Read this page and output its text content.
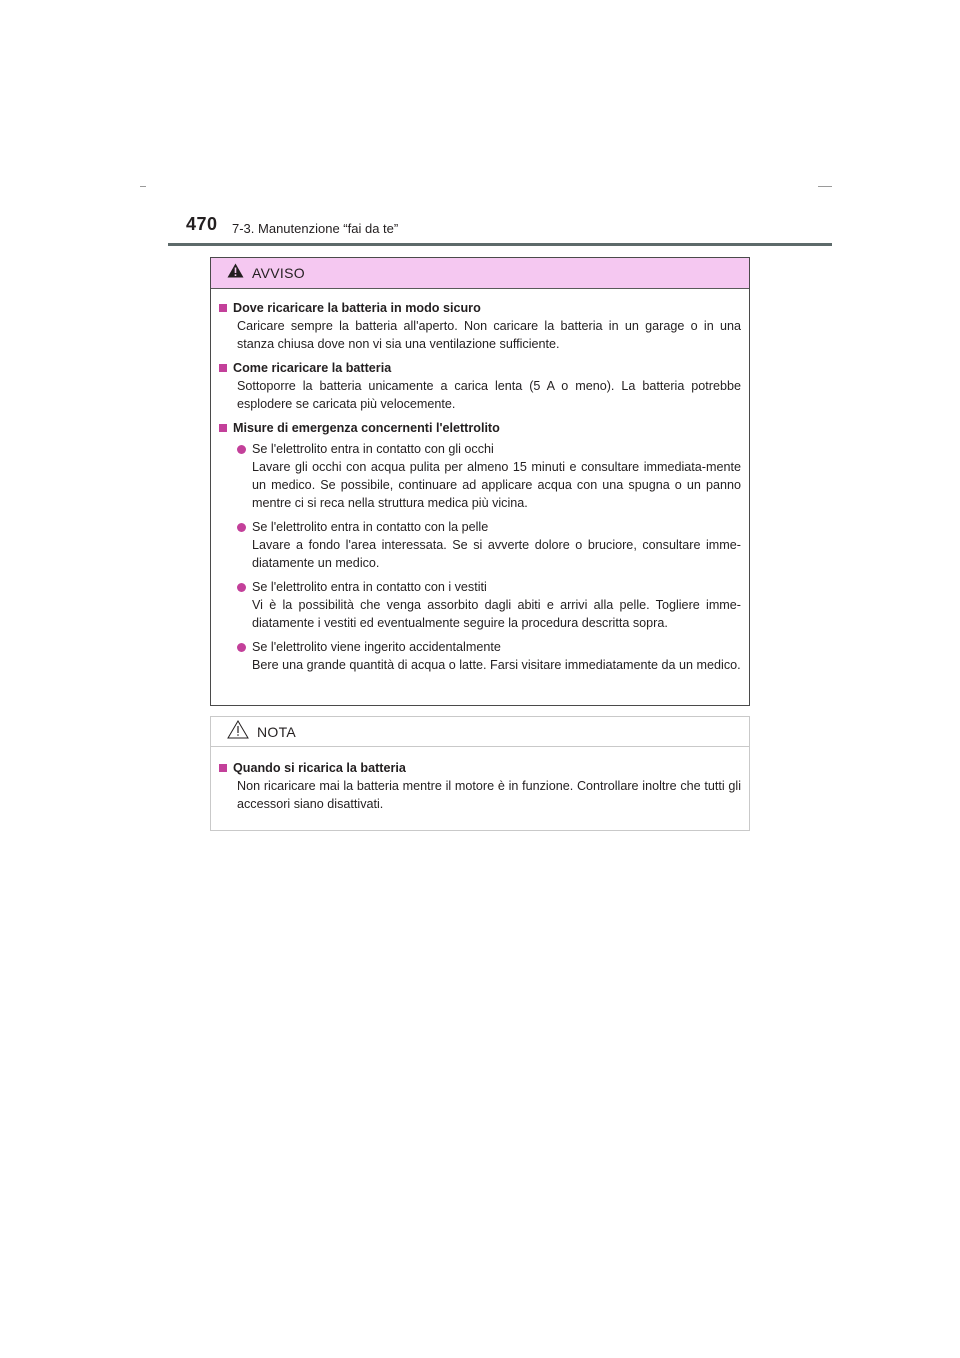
470 7-3. Manutenzione “fai da te”
AVVISO
Dove ricaricare la batteria in modo sicuro
Caricare sempre la batteria all'aperto. Non caricare la batteria in un garage o in una stanza chiusa dove non vi sia una ventilazione sufficiente.
Come ricaricare la batteria
Sottoporre la batteria unicamente a carica lenta (5 A o meno). La batteria potrebbe esplodere se caricata più velocemente.
Misure di emergenza concernenti l'elettrolito
Se l'elettrolito entra in contatto con gli occhi
Lavare gli occhi con acqua pulita per almeno 15 minuti e consultare immediata-mente un medico. Se possibile, continuare ad applicare acqua con una spugna o un panno mentre ci si reca nella struttura medica più vicina.
Se l'elettrolito entra in contatto con la pelle
Lavare a fondo l'area interessata. Se si avverte dolore o bruciore, consultare imme-diatamente un medico.
Se l'elettrolito entra in contatto con i vestiti
Vi è la possibilità che venga assorbito dagli abiti e arrivi alla pelle. Togliere imme-diatamente i vestiti ed eventualmente seguire la procedura descritta sopra.
Se l'elettrolito viene ingerito accidentalmente
Bere una grande quantità di acqua o latte. Farsi visitare immediatamente da un medico.
NOTA
Quando si ricarica la batteria
Non ricaricare mai la batteria mentre il motore è in funzione. Controllare inoltre che tutti gli accessori siano disattivati.
